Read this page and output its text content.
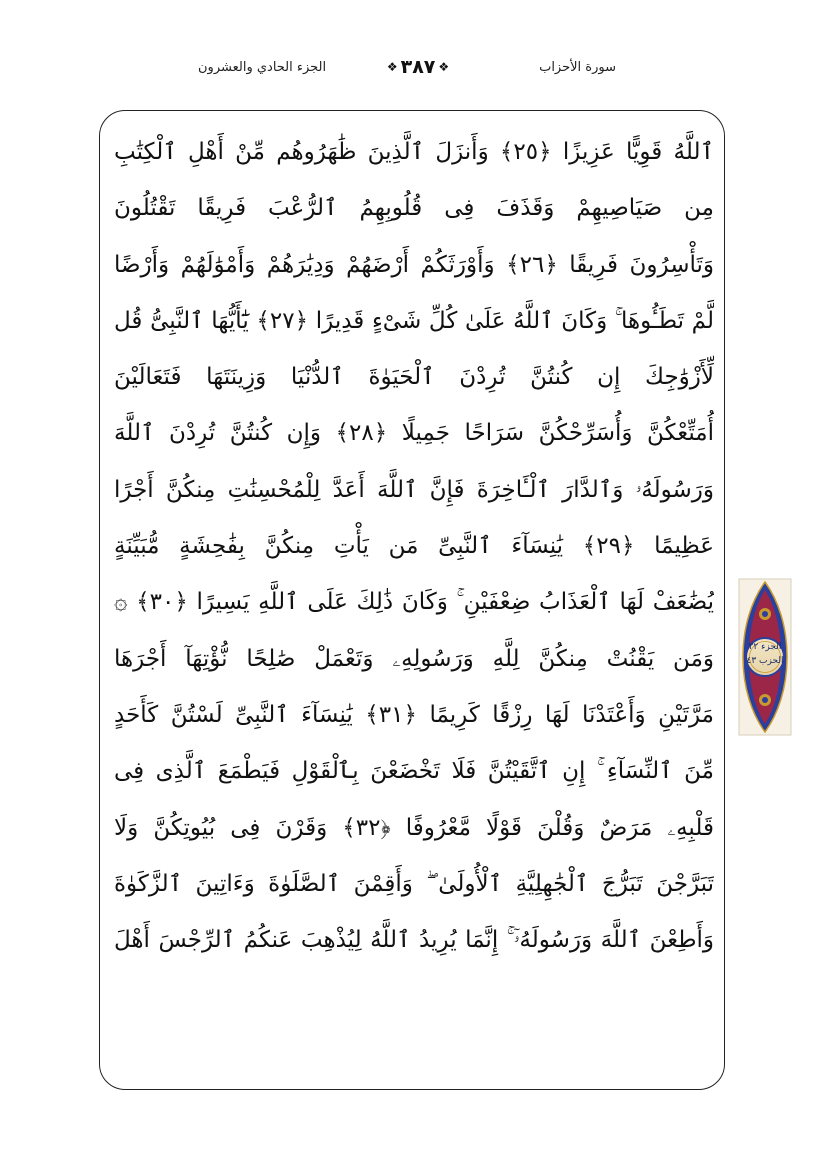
الجزء الحادي والعشرون	❖ ٣٨٧ ❖	سورة الأحزاب
ٱللَّهُ قَوِيًّا عَزِيزًا ﴿٢٥﴾ وَأَنزَلَ ٱلَّذِينَ ظَٰهَرُوهُم مِّنْ أَهْلِ ٱلْكِتَٰبِ
مِن صَيَاصِيهِمْ وَقَذَفَ فِى قُلُوبِهِمُ ٱلرُّعْبَ فَرِيقًا تَقْتُلُونَ
وَتَأْسِرُونَ فَرِيقًا ﴿٢٦﴾ وَأَوْرَثَكُمْ أَرْضَهُمْ وَدِيَٰرَهُمْ وَأَمْوَٰلَهُمْ وَأَرْضًا
لَّمْ تَطَـُٔوهَا ۚ وَكَانَ ٱللَّهُ عَلَىٰ كُلِّ شَىْءٍ قَدِيرًا ﴿٢٧﴾ يَٰٓأَيُّهَا ٱلنَّبِىُّ قُل
لِّأَزْوَٰجِكَ إِن كُنتُنَّ تُرِدْنَ ٱلْحَيَوٰةَ ٱلدُّنْيَا وَزِينَتَهَا فَتَعَالَيْنَ
أُمَتِّعْكُنَّ وَأُسَرِّحْكُنَّ سَرَاحًا جَمِيلًا ﴿٢٨﴾ وَإِن كُنتُنَّ تُرِدْنَ ٱللَّهَ
وَرَسُولَهُۥ وَٱلدَّارَ ٱلْـَٔاخِرَةَ فَإِنَّ ٱللَّهَ أَعَدَّ لِلْمُحْسِنَٰتِ مِنكُنَّ أَجْرًا
عَظِيمًا ﴿٢٩﴾ يَٰنِسَآءَ ٱلنَّبِىِّ مَن يَأْتِ مِنكُنَّ بِفَٰحِشَةٍ مُّبَيِّنَةٍ
يُضَٰعَفْ لَهَا ٱلْعَذَابُ ضِعْفَيْنِ ۚ وَكَانَ ذَٰلِكَ عَلَى ٱللَّهِ يَسِيرًا ﴿٣٠﴾ ۞
وَمَن يَقْنُتْ مِنكُنَّ لِلَّهِ وَرَسُولِهِۦ وَتَعْمَلْ صَٰلِحًا نُّؤْتِهَآ أَجْرَهَا
مَرَّتَيْنِ وَأَعْتَدْنَا لَهَا رِزْقًا كَرِيمًا ﴿٣١﴾ يَٰنِسَآءَ ٱلنَّبِىِّ لَسْتُنَّ كَأَحَدٍ
مِّنَ ٱلنِّسَآءِ ۚ إِنِ ٱتَّقَيْتُنَّ فَلَا تَخْضَعْنَ بِٱلْقَوْلِ فَيَطْمَعَ ٱلَّذِى فِى
قَلْبِهِۦ مَرَضٌ وَقُلْنَ قَوْلًا مَّعْرُوفًا ﴿٣٢﴾ وَقَرْنَ فِى بُيُوتِكُنَّ وَلَا
تَبَرَّجْنَ تَبَرُّجَ ٱلْجَٰهِلِيَّةِ ٱلْأُولَىٰ ۖ وَأَقِمْنَ ٱلصَّلَوٰةَ وَءَاتِينَ ٱلزَّكَوٰةَ
وَأَطِعْنَ ٱللَّهَ وَرَسُولَهُۥٓ ۚ إِنَّمَا يُرِيدُ ٱللَّهُ لِيُذْهِبَ عَنكُمُ ٱلرِّجْسَ أَهْلَ
الجزء ٢٢
الحزب ٤٣
